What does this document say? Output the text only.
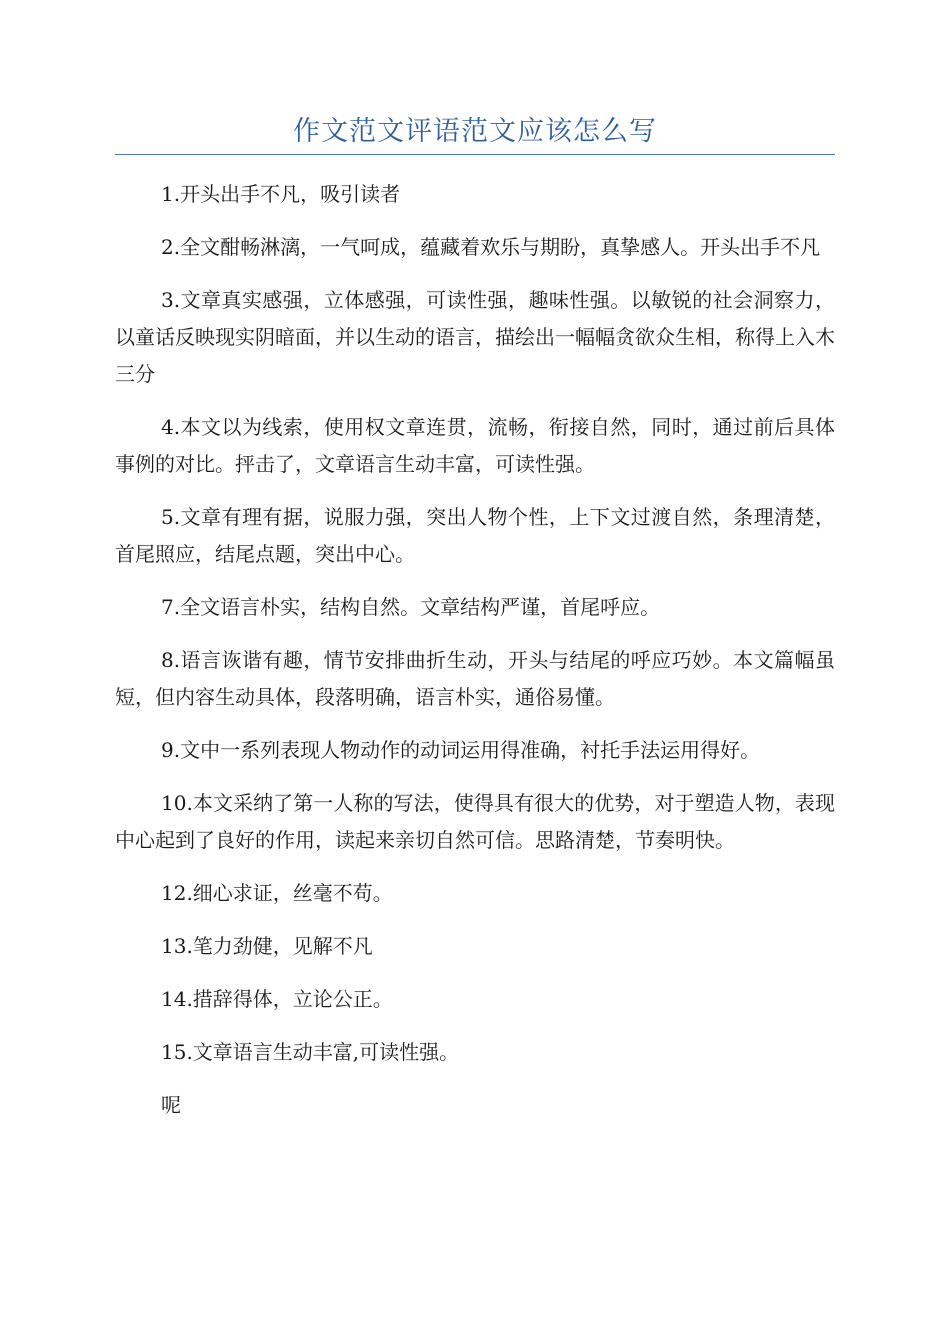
作文范文评语范文应该怎么写

1.开头出手不凡，吸引读者

2.全文酣畅淋漓，一气呵成，蕴藏着欢乐与期盼，真挚感人。开头出手不凡

3.文章真实感强，立体感强，可读性强，趣味性强。以敏锐的社会洞察力，以童话反映现实阴暗面，并以生动的语言，描绘出一幅幅贪欲众生相，称得上入木三分

4.本文以为线索，使用权文章连贯，流畅，衔接自然，同时，通过前后具体事例的对比。抨击了，文章语言生动丰富，可读性强。

5.文章有理有据，说服力强，突出人物个性，上下文过渡自然，条理清楚，首尾照应，结尾点题，突出中心。

7.全文语言朴实，结构自然。文章结构严谨，首尾呼应。

8.语言诙谐有趣，情节安排曲折生动，开头与结尾的呼应巧妙。本文篇幅虽短，但内容生动具体，段落明确，语言朴实，通俗易懂。

9.文中一系列表现人物动作的动词运用得准确，衬托手法运用得好。

10.本文采纳了第一人称的写法，使得具有很大的优势，对于塑造人物，表现中心起到了良好的作用，读起来亲切自然可信。思路清楚，节奏明快。

12.细心求证，丝毫不苟。

13.笔力劲健，见解不凡

14.措辞得体，立论公正。

15.文章语言生动丰富,可读性强。

呢
